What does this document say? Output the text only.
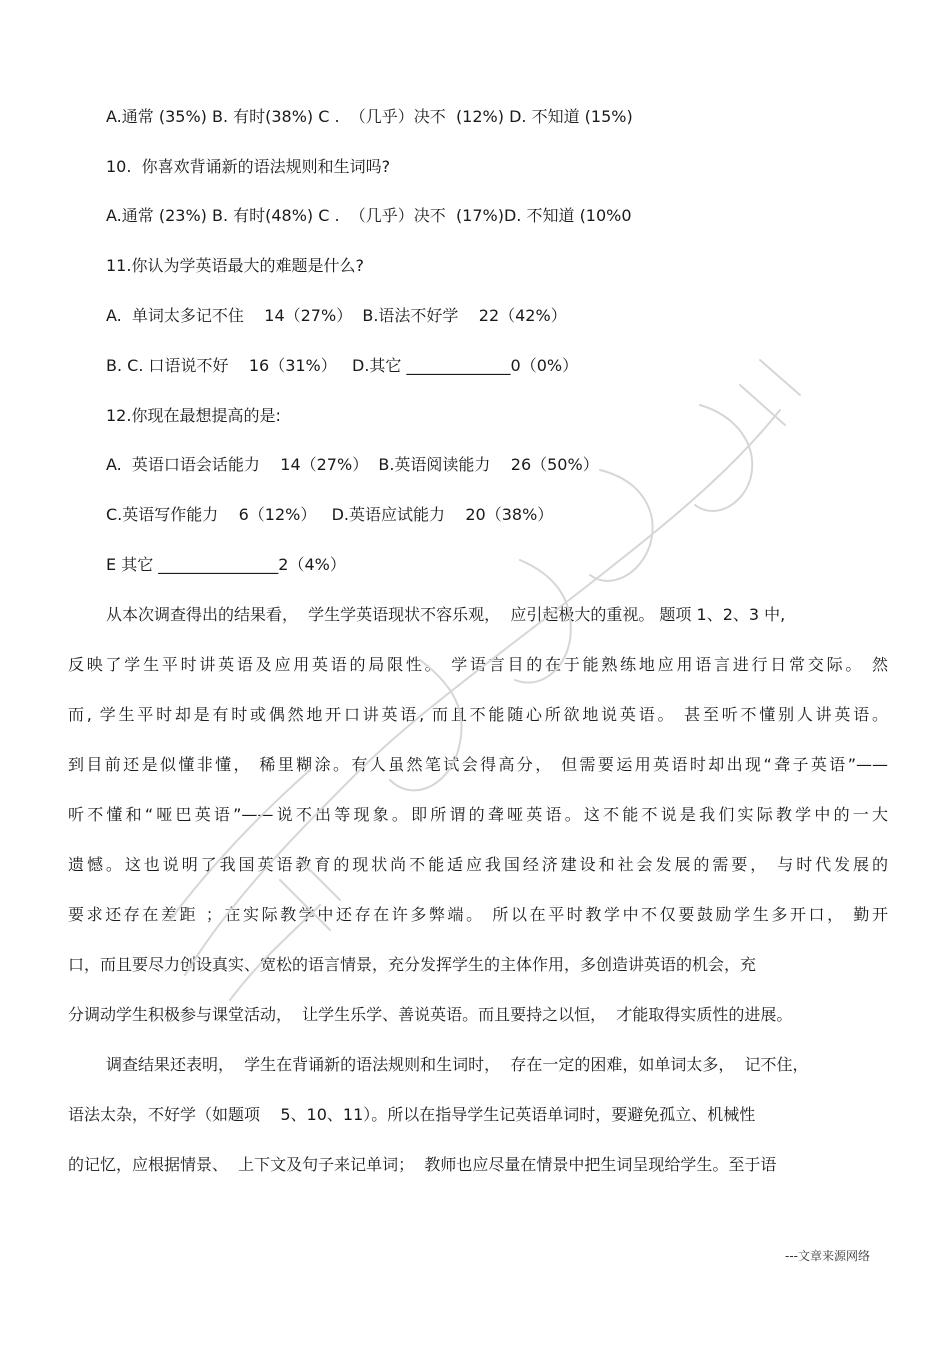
A.通常 (35%) B. 有时(38%) C .  （几乎）决不  (12%) D. 不知道 (15%)
10.  你喜欢背诵新的语法规则和生词吗?
A.通常 (23%) B. 有时(48%) C .  （几乎）决不  (17%)D. 不知道 (10%0
11.你认为学英语最大的难题是什么?
A.  单词太多记不住    14（27%）  B.语法不好学    22（42%）
B. C. 口语说不好    16（31%）   D.其它 _____________0（0%）
12.你现在最想提高的是:
A.  英语口语会话能力    14（27%）  B.英语阅读能力    26（50%）
C.英语写作能力    6（12%）   D.英语应试能力    20（38%）
E 其它 _______________2（4%）
从本次调查得出的结果看，  学生学英语现状不容乐观，  应引起极大的重视。 题项 1、2、3 中,
反映了学生平时讲英语及应用英语的局限性。 学语言目的在于能熟练地应用语言进行日常交际。 然
而, 学生平时却是有时或偶然地开口讲英语, 而且不能随心所欲地说英语。 甚至听不懂别人讲英语。
到目前还是似懂非懂， 稀里糊涂。有人虽然笔试会得高分， 但需要运用英语时却出现“聋子英语”——
听不懂和“哑巴英语”——说不出等现象。即所谓的聋哑英语。这不能不说是我们实际教学中的一大
遗憾。这也说明了我国英语教育的现状尚不能适应我国经济建设和社会发展的需要， 与时代发展的
要求还存在差距 ；在实际教学中还存在许多弊端。 所以在平时教学中不仅要鼓励学生多开口， 勤开
口，而且要尽力创设真实、宽松的语言情景，充分发挥学生的主体作用，多创造讲英语的机会，充
分调动学生积极参与课堂活动，  让学生乐学、善说英语。而且要持之以恒，  才能取得实质性的进展。
调查结果还表明，  学生在背诵新的语法规则和生词时，  存在一定的困难，如单词太多，  记不住，
语法太杂，不好学（如题项    5、10、11）。所以在指导学生记英语单词时，要避免孤立、机械性
的记忆，应根据情景、  上下文及句子来记单词；  教师也应尽量在情景中把生词呈现给学生。至于语
---文章来源网络
